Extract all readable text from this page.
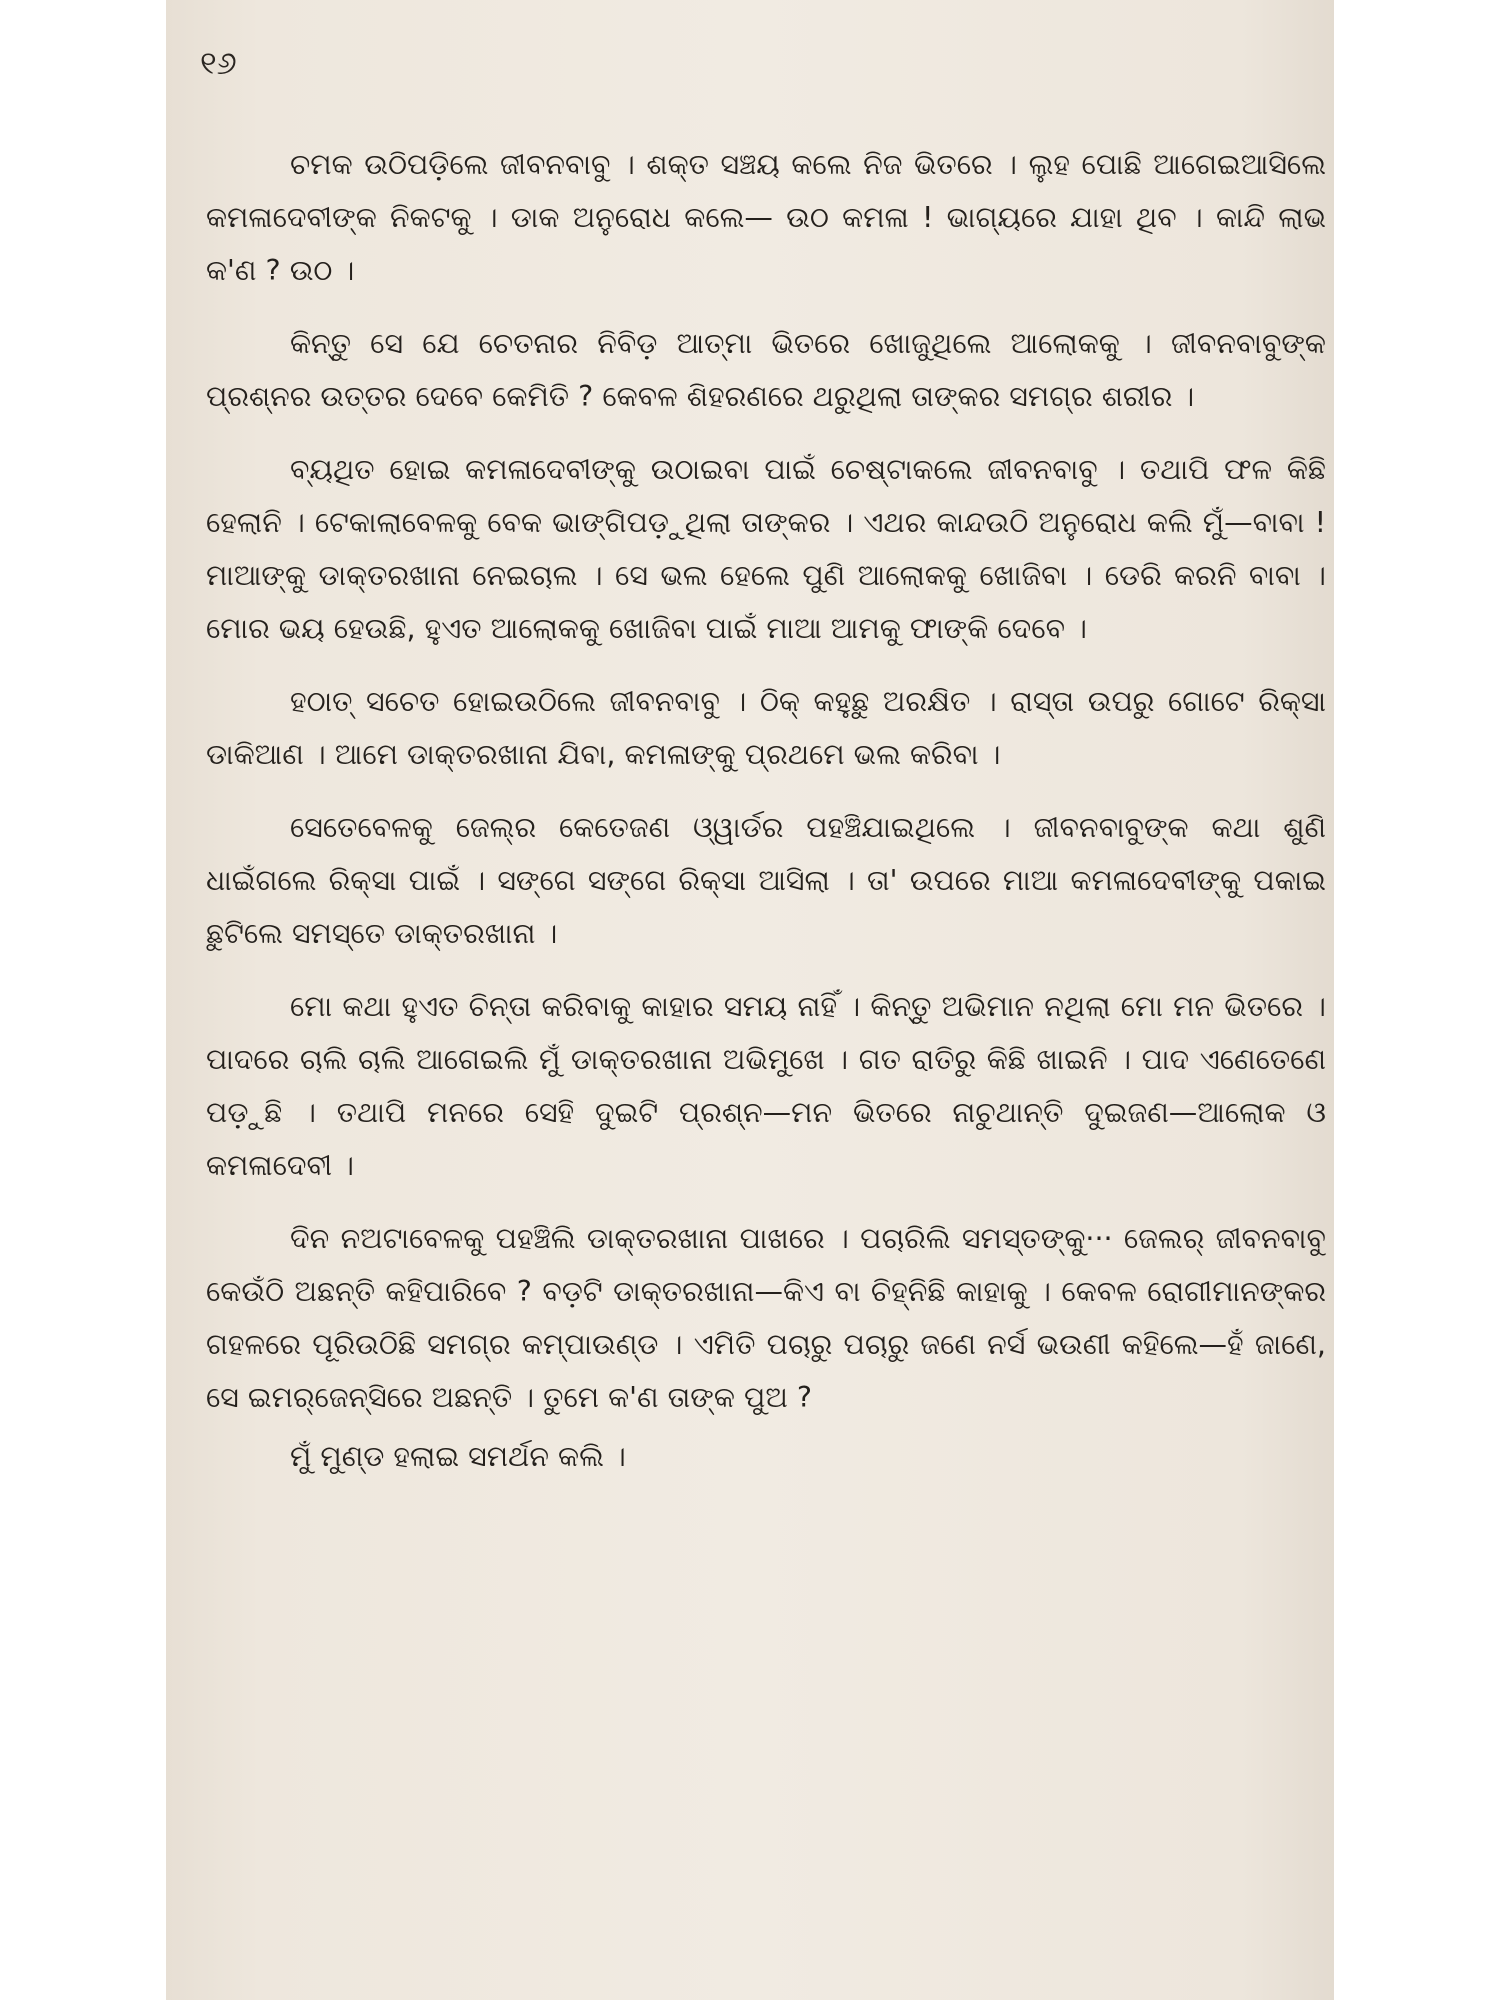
୧୬

ଚମକ ଉଠିପଡ଼ିଲେ ଜୀବନବାବୁ । ଶକ୍ତ ସଞ୍ଚୟ କଲେ ନିଜ ଭିତରେ । ଲୁହ ପୋଛି ଆଗେଇଆସିଲେ କମଳାଦେବୀଙ୍କ ନିକଟକୁ । ଡାକ ଅନୁରୋଧ କଲେ— ଉଠ କମଳା ! ଭାଗ୍ୟରେ ଯାହା ଥିବ । କାନ୍ଦି ଲାଭ କ'ଣ ? ଉଠ ।

କିନ୍ତୁ ସେ ଯେ ଚେତନାର ନିବିଡ଼ ଆତ୍ମା ଭିତରେ ଖୋଜୁଥିଲେ ଆଲୋକକୁ । ଜୀବନବାବୁଙ୍କ ପ୍ରଶ୍ନର ଉତ୍ତର ଦେବେ କେମିତି ? କେବଳ ଶିହରଣରେ ଥରୁଥିଲା ତାଙ୍କର ସମଗ୍ର ଶରୀର ।

ବ୍ୟଥିତ ହୋଇ କମଳାଦେବୀଙ୍କୁ ଉଠାଇବା ପାଇଁ ଚେଷ୍ଟାକଲେ ଜୀବନବାବୁ । ତଥାପି ଫଳ କିଛି ହେଲାନି । ଟେକାଲାବେଳକୁ ବେକ ଭାଙ୍ଗିପଡ଼ୁଥିଲା ତାଙ୍କର । ଏଥର କାନ୍ଦଉଠି ଅନୁରୋଧ କଲି ମୁଁ—ବାବା ! ମାଆଙ୍କୁ ଡାକ୍ତରଖାନା ନେଇଚାଲ । ସେ ଭଲ ହେଲେ ପୁଣି ଆଲୋକକୁ ଖୋଜିବା । ଡେରି କରନି ବାବା । ମୋର ଭୟ ହେଉଛି, ହୁଏତ ଆଲୋକକୁ ଖୋଜିବା ପାଇଁ ମାଆ ଆମକୁ ଫାଙ୍କି ଦେବେ ।

ହଠାତ୍ ସଚେତ ହୋଇଉଠିଲେ ଜୀବନବାବୁ । ଠିକ୍ କହୁଛୁ ଅରକ୍ଷିତ । ରାସ୍ତା ଉପରୁ ଗୋଟେ ରିକ୍ସା ଡାକିଆଣ । ଆମେ ଡାକ୍ତରଖାନା ଯିବା, କମଳାଙ୍କୁ ପ୍ରଥମେ ଭଲ କରିବା ।

ସେତେବେଳକୁ ଜେଲ୍‌ର କେତେଜଣ ଓ୍ୱାର୍ଡର ପହଞ୍ଚିଯାଇଥିଲେ । ଜୀବନବାବୁଙ୍କ କଥା ଶୁଣି ଧାଇଁଗଲେ ରିକ୍ସା ପାଇଁ । ସଙ୍ଗେ ସଙ୍ଗେ ରିକ୍ସା ଆସିଲା । ତା' ଉପରେ ମାଆ କମଳାଦେବୀଙ୍କୁ ପକାଇ ଛୁଟିଲେ ସମସ୍ତେ ଡାକ୍ତରଖାନା ।

ମୋ କଥା ହୁଏତ ଚିନ୍ତା କରିବାକୁ କାହାର ସମୟ ନାହିଁ । କିନ୍ତୁ ଅଭିମାନ ନଥିଲା ମୋ ମନ ଭିତରେ । ପାଦରେ ଚାଲି ଚାଲି ଆଗେଇଲି ମୁଁ ଡାକ୍ତରଖାନା ଅଭିମୁଖେ । ଗତ ରାତିରୁ କିଛି ଖାଇନି । ପାଦ ଏଣେତେଣେ ପଡ଼ୁଛି । ତଥାପି ମନରେ ସେହି ଦୁଇଟି ପ୍ରଶ୍ନ—ମନ ଭିତରେ ନାଚୁଥାନ୍ତି ଦୁଇଜଣ—ଆଲୋକ ଓ କମଳାଦେବୀ ।

ଦିନ ନଅଟାବେଳକୁ ପହଞ୍ଚିଲି ଡାକ୍ତରଖାନା ପାଖରେ । ପଚାରିଲି ସମସ୍ତଙ୍କୁ··· ଜେଲର୍ ଜୀବନବାବୁ କେଉଁଠି ଅଛନ୍ତି କହିପାରିବେ ? ବଡ଼ଟି ଡାକ୍ତରଖାନା—କିଏ ବା ଚିହ୍ନିଛି କାହାକୁ । କେବଳ ରୋଗୀମାନଙ୍କର ଗହଳରେ ପୂରିଉଠିଛି ସମଗ୍ର କମ୍ପାଉଣ୍ଡ । ଏମିତି ପଚାରୁ ପଚାରୁ ଜଣେ ନର୍ସ ଭଉଣୀ କହିଲେ—ହଁ ଜାଣେ, ସେ ଇମର୍‌ଜେନ୍‌ସିରେ ଅଛନ୍ତି । ତୁମେ କ'ଣ ତାଙ୍କ ପୁଅ ?

ମୁଁ ମୁଣ୍ଡ ହଲାଇ ସମର୍ଥନ କଲି ।
